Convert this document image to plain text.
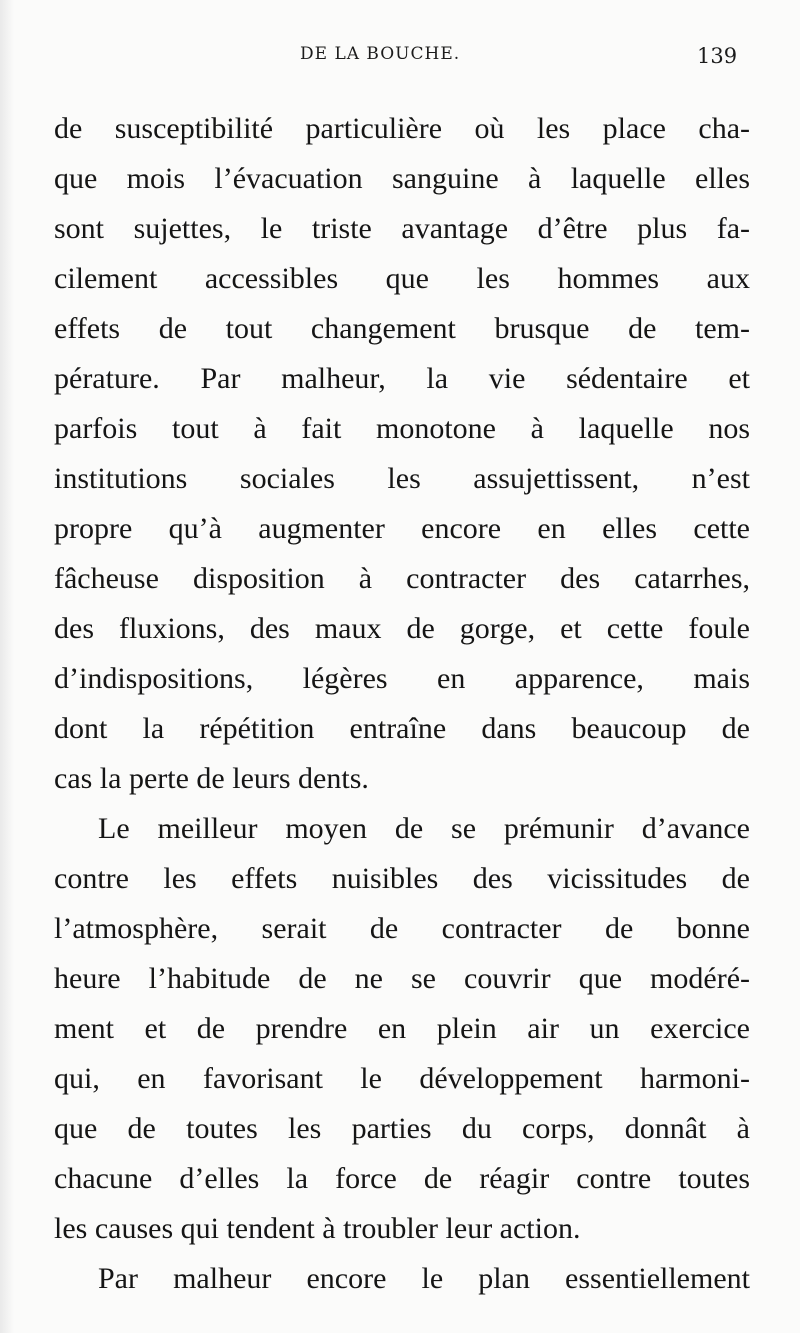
DE LA BOUCHE.	139
de susceptibilité particulière où les place cha-
que mois l’évacuation sanguine à laquelle elles
sont sujettes, le triste avantage d’être plus fa-
cilement accessibles que les hommes aux
effets de tout changement brusque de tem-
pérature. Par malheur, la vie sédentaire et
parfois tout à fait monotone à laquelle nos
institutions sociales les assujettissent, n’est
propre qu’à augmenter encore en elles cette
fâcheuse disposition à contracter des catarrhes,
des fluxions, des maux de gorge, et cette foule
d’indispositions, légères en apparence, mais
dont la répétition entraîne dans beaucoup de
cas la perte de leurs dents.
Le meilleur moyen de se prémunir d’avance
contre les effets nuisibles des vicissitudes de
l’atmosphère, serait de contracter de bonne
heure l’habitude de ne se couvrir que modéré-
ment et de prendre en plein air un exercice
qui, en favorisant le développement harmoni-
que de toutes les parties du corps, donnât à
chacune d’elles la force de réagir contre toutes
les causes qui tendent à troubler leur action.
Par malheur encore le plan essentiellement
